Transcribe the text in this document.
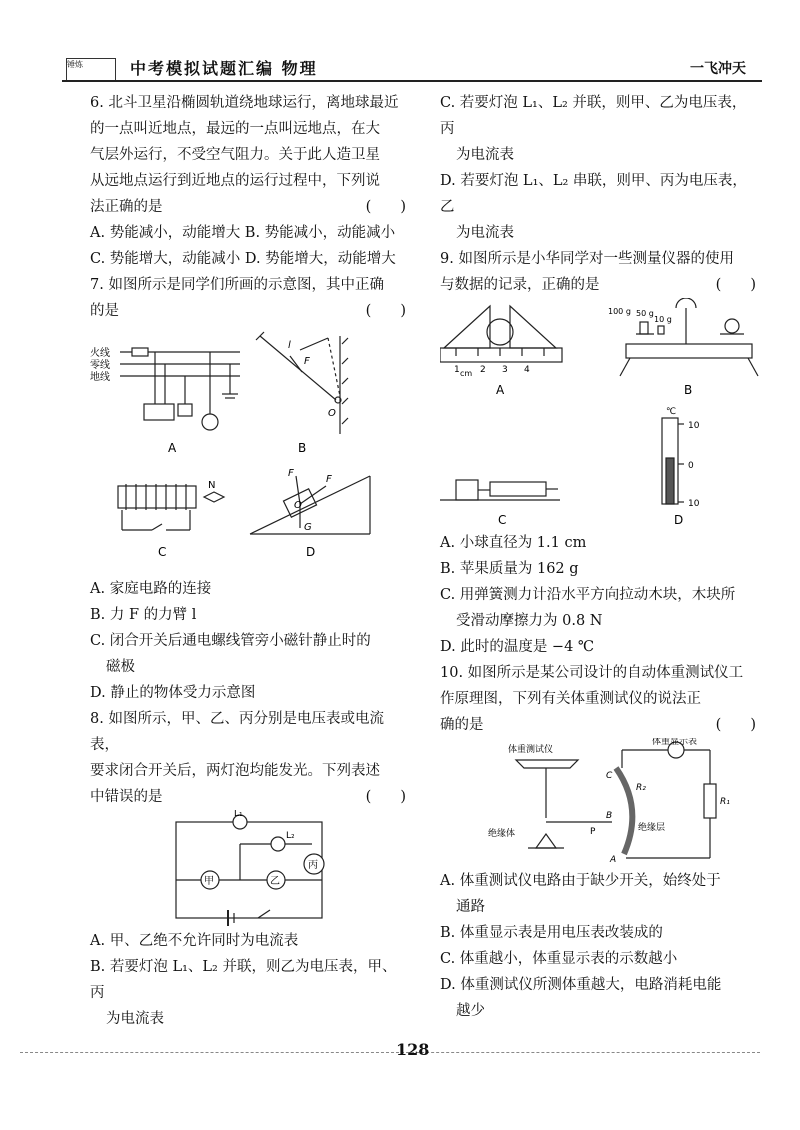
锤炼	中考模拟试题汇编 物理	一飞冲天

6. 北斗卫星沿椭圆轨道绕地球运行，离地球最近

的一点叫近地点，最远的一点叫远地点，在大

气层外运行，不受空气阻力。关于此人造卫星

从远地点运行到近地点的运行过程中，下列说

法正确的是	(　　)

A. 势能减小，动能增大 B. 势能减小，动能减小

C. 势能增大，动能减小 D. 势能增大，动能增大

7. 如图所示是同学们所画的示意图，其中正确

的是	(　　)

火线
零线
地线
A
l
F
O
B
N
C
F
F
O
G
D

A. 家庭电路的连接

B. 力 F 的力臂 l

C. 闭合开关后通电螺线管旁小磁针静止时的

磁极

D. 静止的物体受力示意图

8. 如图所示，甲、乙、丙分别是电压表或电流表，

要求闭合开关后，两灯泡均能发光。下列表述

中错误的是	(　　)

L₁
L₂
甲	乙
丙

A. 甲、乙绝不允许同时为电流表

B. 若要灯泡 L₁、L₂ 并联，则乙为电压表，甲、丙

为电流表

C. 若要灯泡 L₁、L₂ 并联，则甲、乙为电压表，丙

为电流表

D. 若要灯泡 L₁、L₂ 串联，则甲、丙为电压表，乙

为电流表

9. 如图所示是小华同学对一些测量仪器的使用

与数据的记录，正确的是	(　　)

1 cm 2 3 4
A
100 g 50 g
10 g
B
C
℃
10
0
10
D

A. 小球直径为 1.1 cm

B. 苹果质量为 162 g

C. 用弹簧测力计沿水平方向拉动木块，木块所

受滑动摩擦力为 0.8 N

D. 此时的温度是 −4 ℃

10. 如图所示是某公司设计的自动体重测试仪工

作原理图，下列有关体重测试仪的说法正

确的是	(　　)

体重测试仪
体重显示表
绝缘体
绝缘层
R₁
R₂
A
B
C
P

A. 体重测试仪电路由于缺少开关，始终处于

通路

B. 体重显示表是用电压表改装成的

C. 体重越小，体重显示表的示数越小

D. 体重测试仪所测体重越大，电路消耗电能

越少

128
